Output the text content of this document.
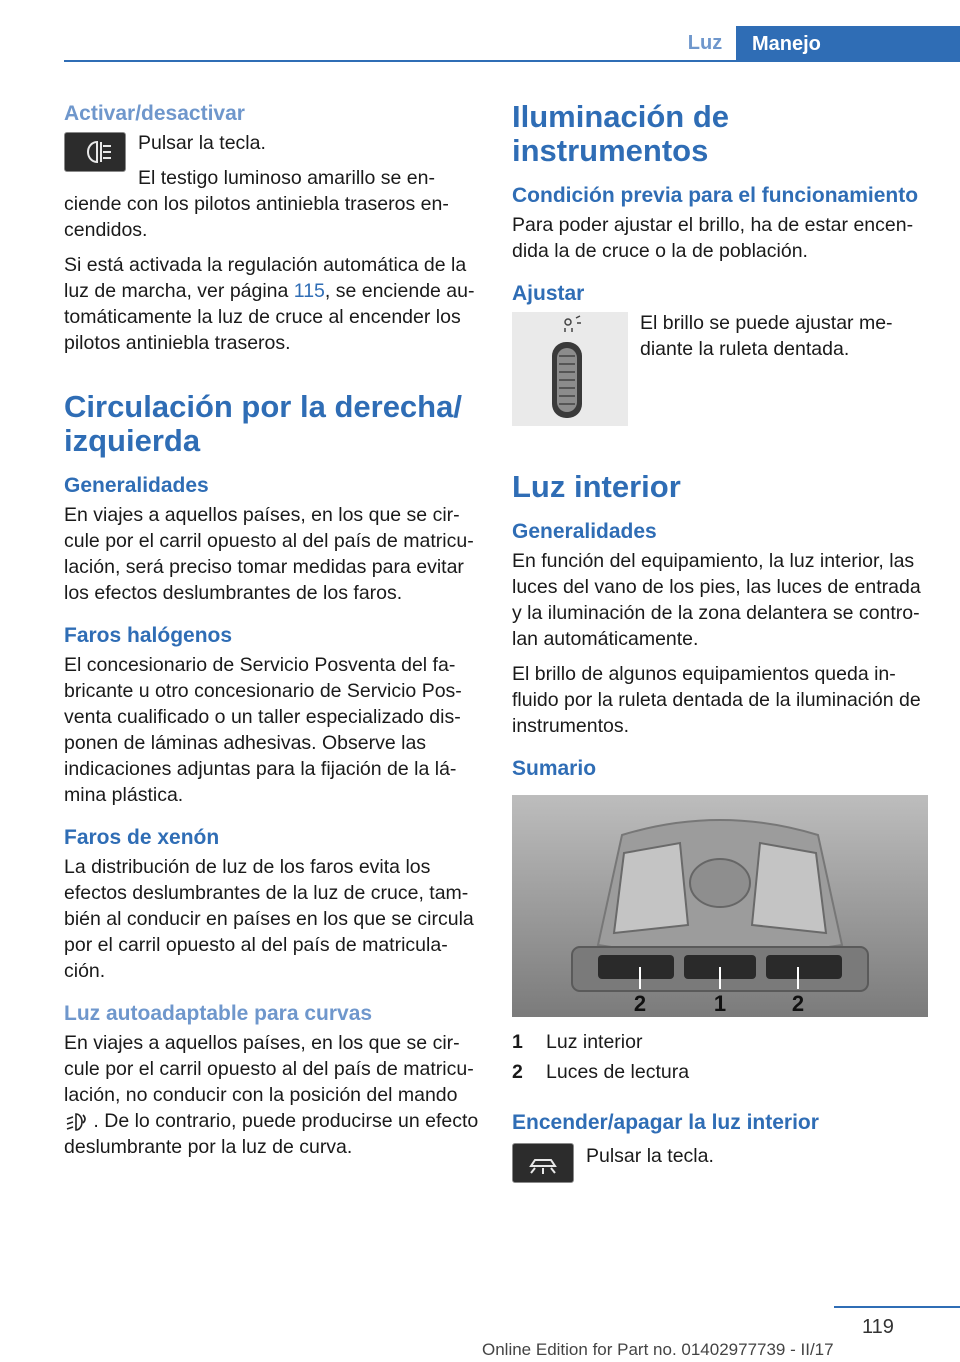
Luz	Manejo
Activar/desactivar

Pulsar la tecla.

El testigo luminoso amarillo se enciende con los pilotos antiniebla traseros encendidos.

Si está activada la regulación automática de la luz de marcha, ver página 115, se enciende automáticamente la luz de cruce al encender los pilotos antiniebla traseros.

Circulación por la derecha/ izquierda
Generalidades

En viajes a aquellos países, en los que se circule por el carril opuesto al del país de matriculación, será preciso tomar medidas para evitar los efectos deslumbrantes de los faros.

Faros halógenos

El concesionario de Servicio Posventa del fabricante u otro concesionario de Servicio Posventa cualificado o un taller especializado disponen de láminas adhesivas. Observe las indicaciones adjuntas para la fijación de la lámina plástica.

Faros de xenón

La distribución de luz de los faros evita los efectos deslumbrantes de la luz de cruce, también al conducir en países en los que se circula por el carril opuesto al del país de matriculación.

Luz autoadaptable para curvas

En viajes a aquellos países, en los que se circule por el carril opuesto al del país de matriculación, no conducir con la posición del mando
. De lo contrario, puede producirse un efecto deslumbrante por la luz de curva.

Iluminación de instrumentos
Condición previa para el funcionamiento

Para poder ajustar el brillo, ha de estar encendida la de cruce o la de población.

Ajustar

El brillo se puede ajustar mediante la ruleta dentada.

Luz interior
Generalidades

En función del equipamiento, la luz interior, las luces del vano de los pies, las luces de entrada y la iluminación de la zona delantera se controlan automáticamente.

El brillo de algunos equipamientos queda influido por la ruleta dentada de la iluminación de instrumentos.

Sumario
2	1	2
1	Luz interior
2	Luces de lectura
Encender/apagar la luz interior

Pulsar la tecla.

119
Online Edition for Part no. 01402977739 - II/17
